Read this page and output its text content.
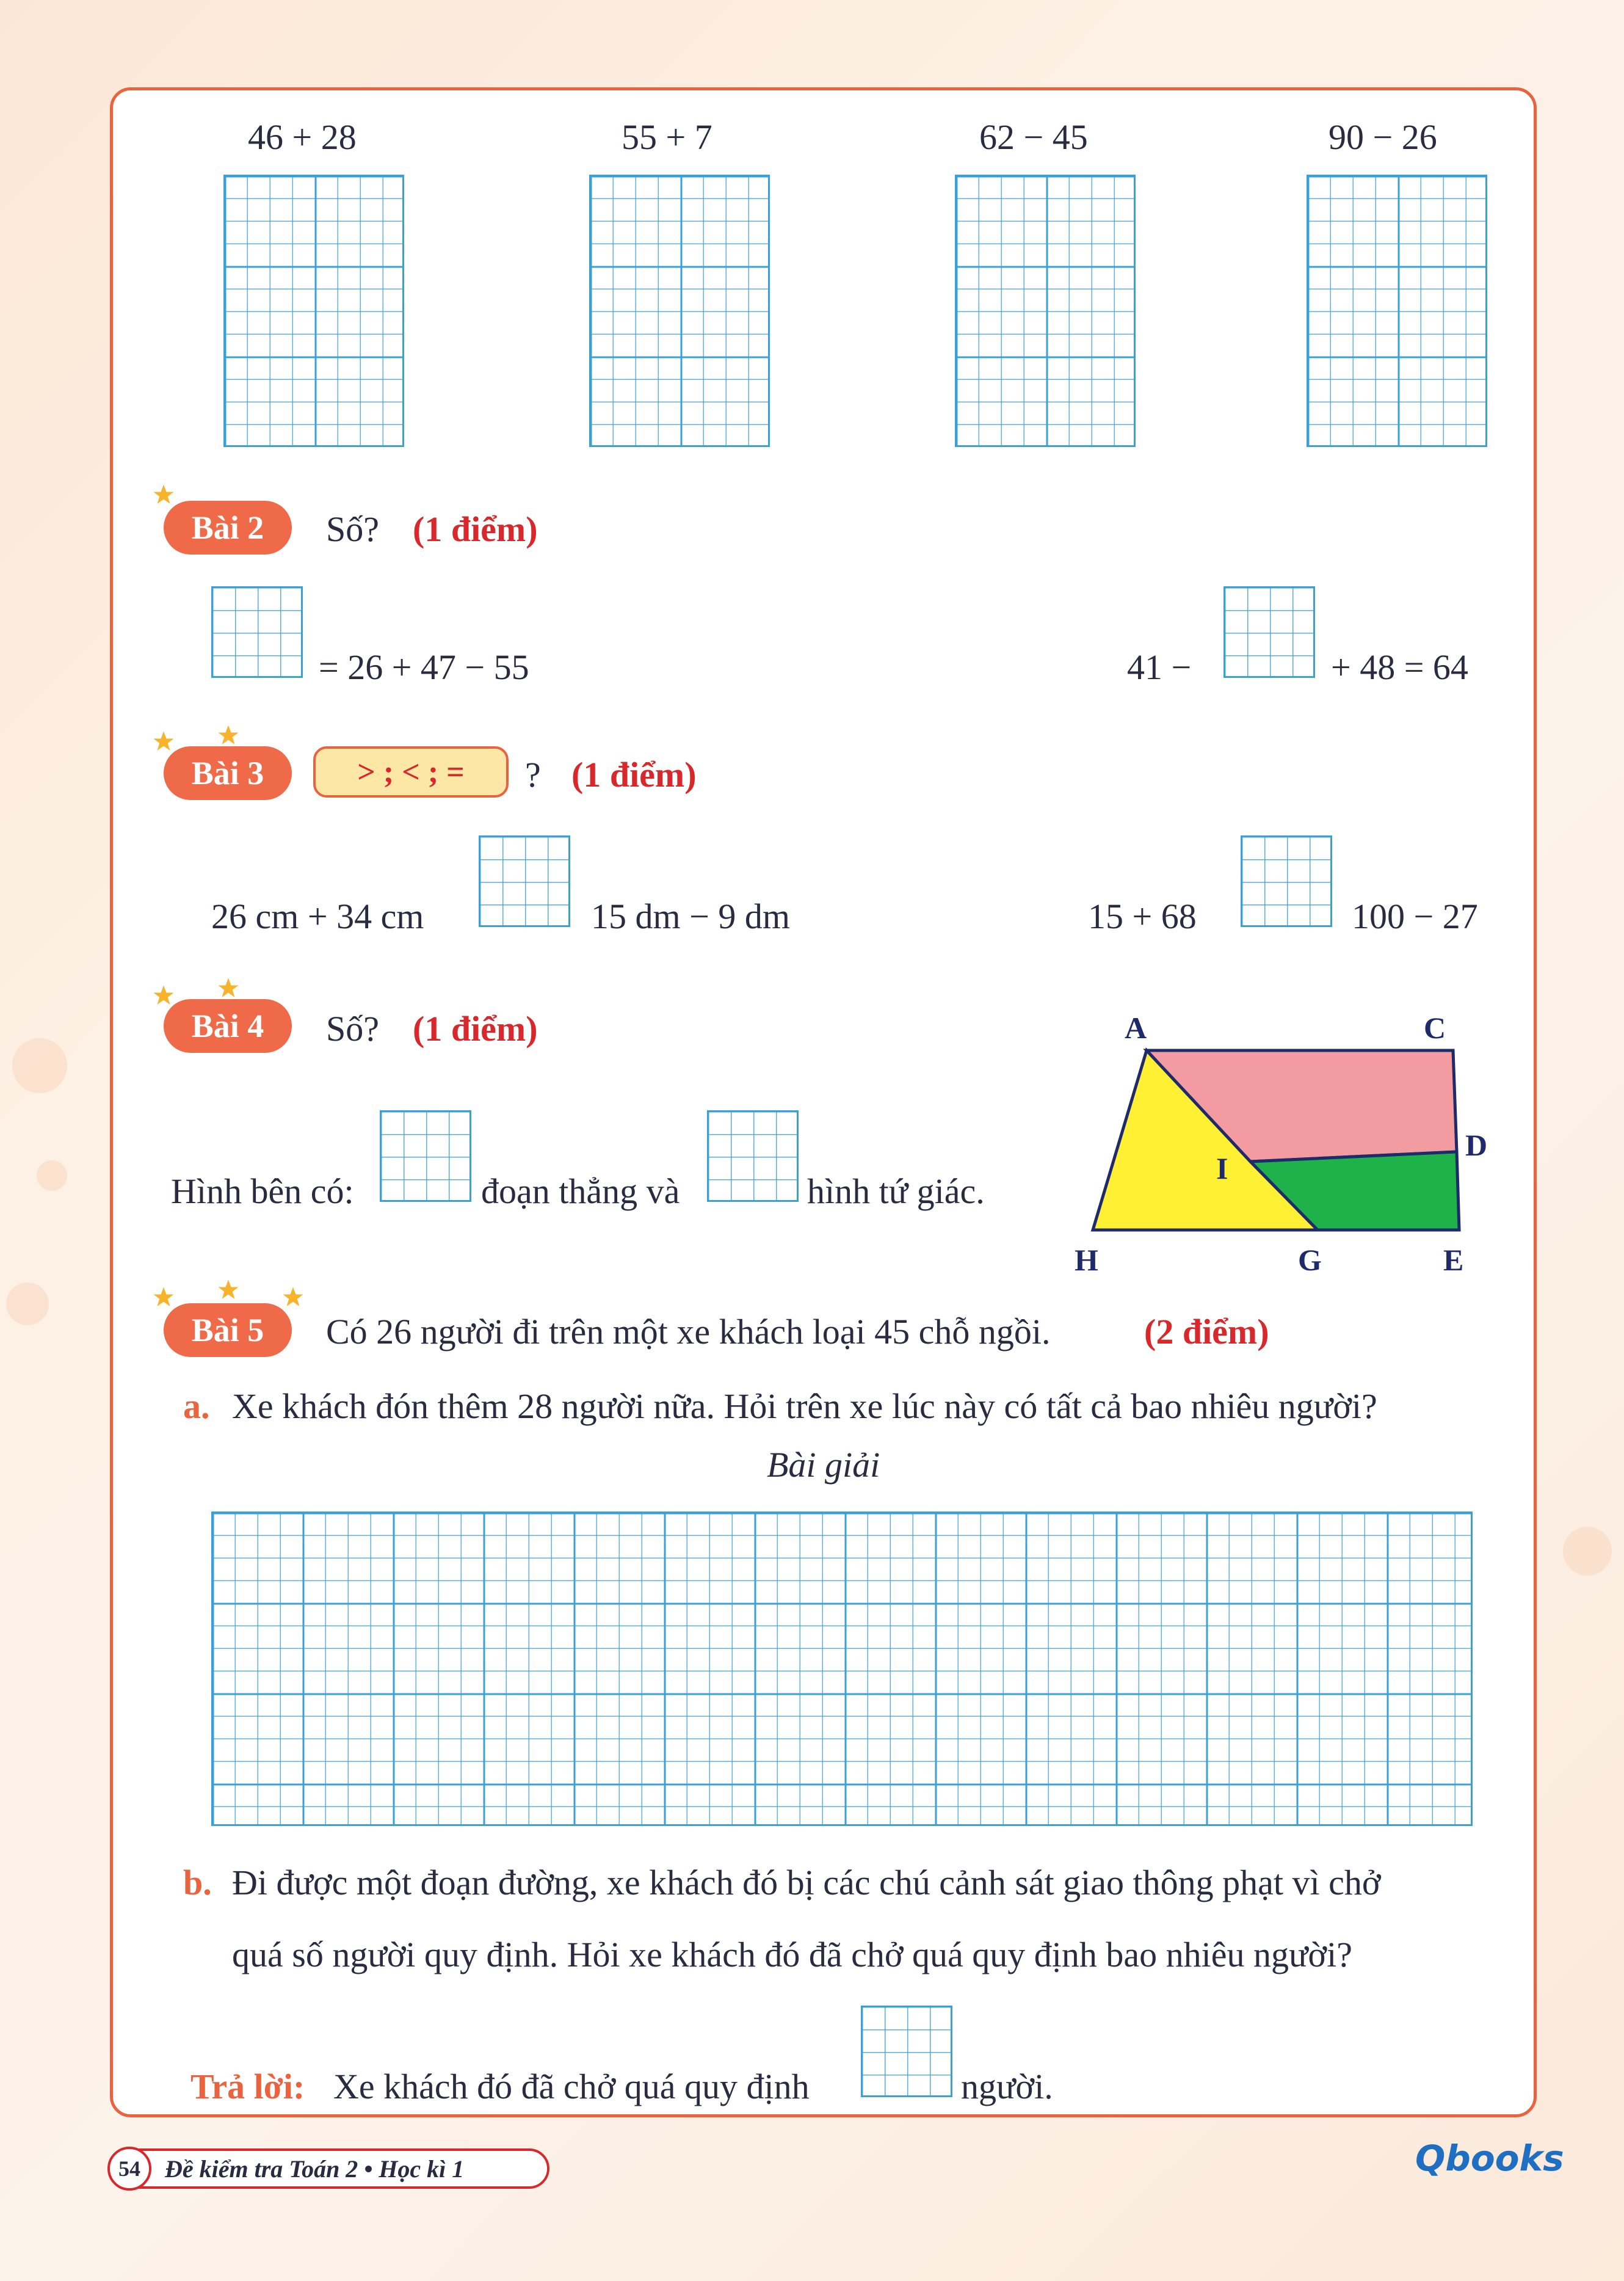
46 + 28	55 + 7	62 − 45	90 − 26
Bài 2	Số? (1 điểm)
= 26 + 47 − 55	41 −	+ 48 = 64
Bài 3	> ; < ; =	? (1 điểm)
26 cm + 34 cm	15 dm − 9 dm	15 + 68	100 − 27
Bài 4	Số? (1 điểm)
Hình bên có:	đoạn thẳng và	hình tứ giác.
A	C
D
I
H	G	E
Bài 5	Có 26 người đi trên một xe khách loại 45 chỗ ngồi.	(2 điểm)
a. Xe khách đón thêm 28 người nữa. Hỏi trên xe lúc này có tất cả bao nhiêu người?
Bài giải
b. Đi được một đoạn đường, xe khách đó bị các chú cảnh sát giao thông phạt vì chở
quá số người quy định. Hỏi xe khách đó đã chở quá quy định bao nhiêu người?
Trả lời: Xe khách đó đã chở quá quy định	người.
54	Đề kiểm tra Toán 2 • Học kì 1	Qbooks
